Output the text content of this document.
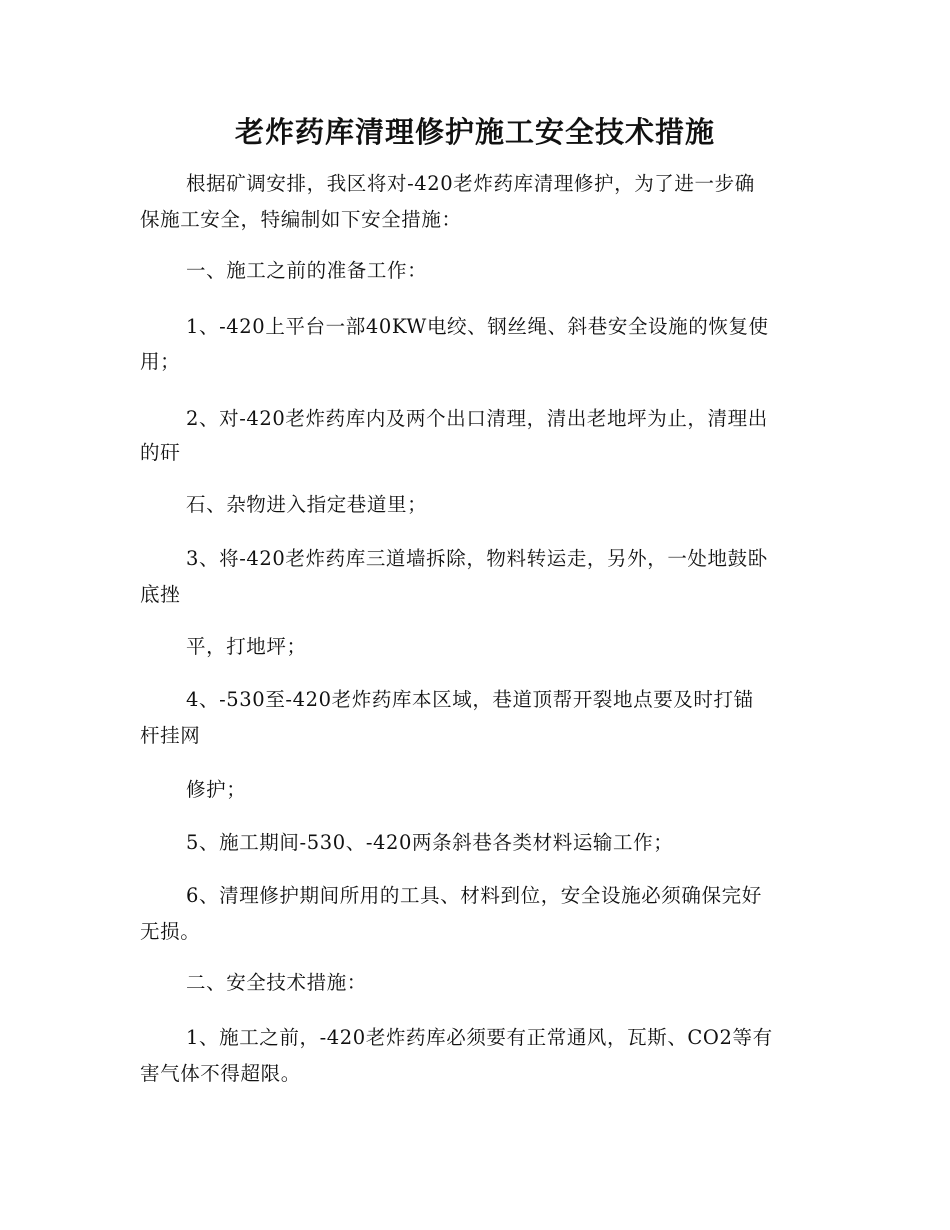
老炸药库清理修护施工安全技术措施
根据矿调安排，我区将对-420老炸药库清理修护，为了进一步确
保施工安全，特编制如下安全措施：
一、施工之前的准备工作：
1、-420上平台一部40KW电绞、钢丝绳、斜巷安全设施的恢复使
用；
2、对-420老炸药库内及两个出口清理，清出老地坪为止，清理出
的矸
石、杂物进入指定巷道里；
3、将-420老炸药库三道墙拆除，物料转运走，另外，一处地鼓卧
底挫
平，打地坪；
4、-530至-420老炸药库本区域，巷道顶帮开裂地点要及时打锚
杆挂网
修护；
5、施工期间-530、-420两条斜巷各类材料运输工作；
6、清理修护期间所用的工具、材料到位，安全设施必须确保完好
无损。
二、安全技术措施：
1、施工之前，-420老炸药库必须要有正常通风，瓦斯、CO2等有
害气体不得超限。
